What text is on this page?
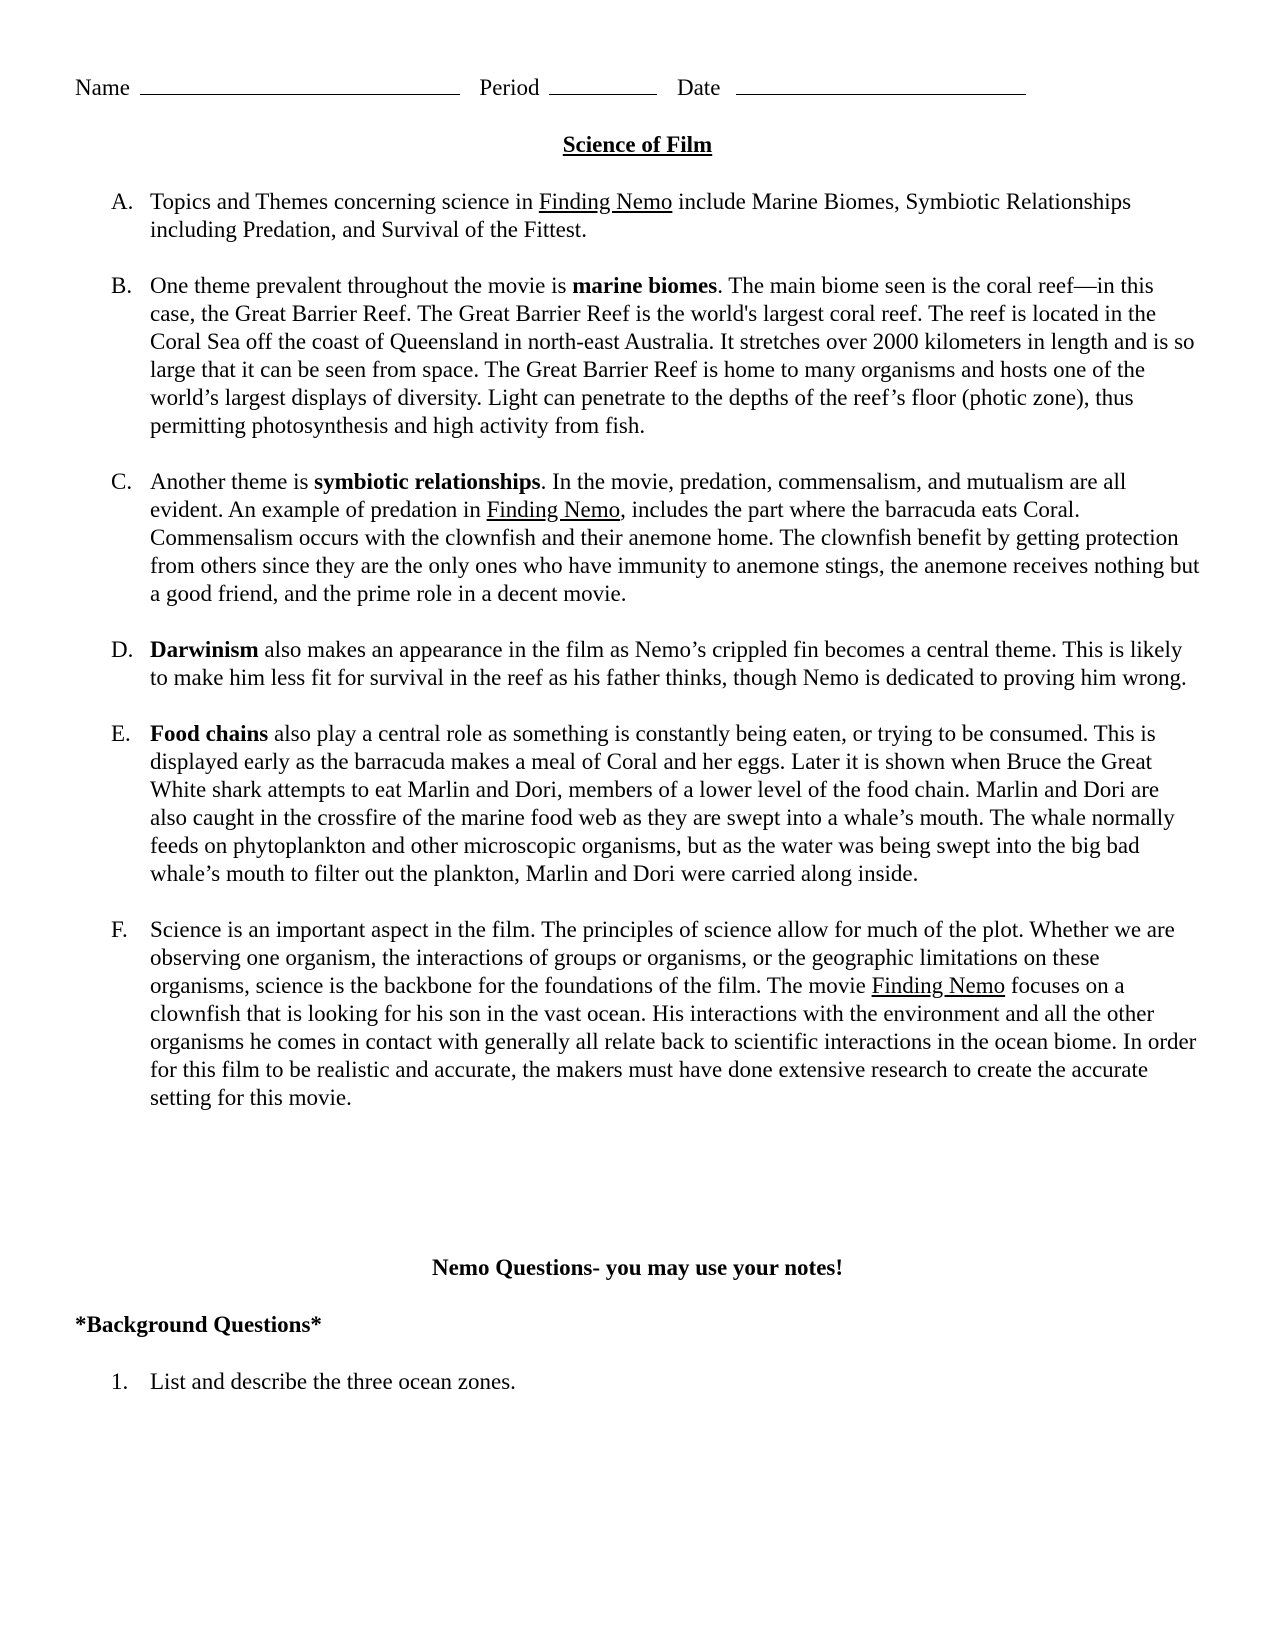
Name	Period	Date
Science of Film
A. Topics and Themes concerning science in Finding Nemo include Marine Biomes, Symbiotic Relationships including Predation, and Survival of the Fittest.
B. One theme prevalent throughout the movie is marine biomes. The main biome seen is the coral reef—in this case, the Great Barrier Reef. The Great Barrier Reef is the world's largest coral reef. The reef is located in the Coral Sea off the coast of Queensland in north-east Australia. It stretches over 2000 kilometers in length and is so large that it can be seen from space. The Great Barrier Reef is home to many organisms and hosts one of the world’s largest displays of diversity. Light can penetrate to the depths of the reef’s floor (photic zone), thus permitting photosynthesis and high activity from fish.
C. Another theme is symbiotic relationships. In the movie, predation, commensalism, and mutualism are all evident. An example of predation in Finding Nemo, includes the part where the barracuda eats Coral. Commensalism occurs with the clownfish and their anemone home. The clownfish benefit by getting protection from others since they are the only ones who have immunity to anemone stings, the anemone receives nothing but a good friend, and the prime role in a decent movie.
D. Darwinism also makes an appearance in the film as Nemo’s crippled fin becomes a central theme. This is likely to make him less fit for survival in the reef as his father thinks, though Nemo is dedicated to proving him wrong.
E. Food chains also play a central role as something is constantly being eaten, or trying to be consumed. This is displayed early as the barracuda makes a meal of Coral and her eggs. Later it is shown when Bruce the Great White shark attempts to eat Marlin and Dori, members of a lower level of the food chain. Marlin and Dori are also caught in the crossfire of the marine food web as they are swept into a whale’s mouth. The whale normally feeds on phytoplankton and other microscopic organisms, but as the water was being swept into the big bad whale’s mouth to filter out the plankton, Marlin and Dori were carried along inside.
F. Science is an important aspect in the film. The principles of science allow for much of the plot. Whether we are observing one organism, the interactions of groups or organisms, or the geographic limitations on these organisms, science is the backbone for the foundations of the film. The movie Finding Nemo focuses on a clownfish that is looking for his son in the vast ocean. His interactions with the environment and all the other organisms he comes in contact with generally all relate back to scientific interactions in the ocean biome. In order for this film to be realistic and accurate, the makers must have done extensive research to create the accurate setting for this movie.
Nemo Questions- you may use your notes!
*Background Questions*
1. List and describe the three ocean zones.
